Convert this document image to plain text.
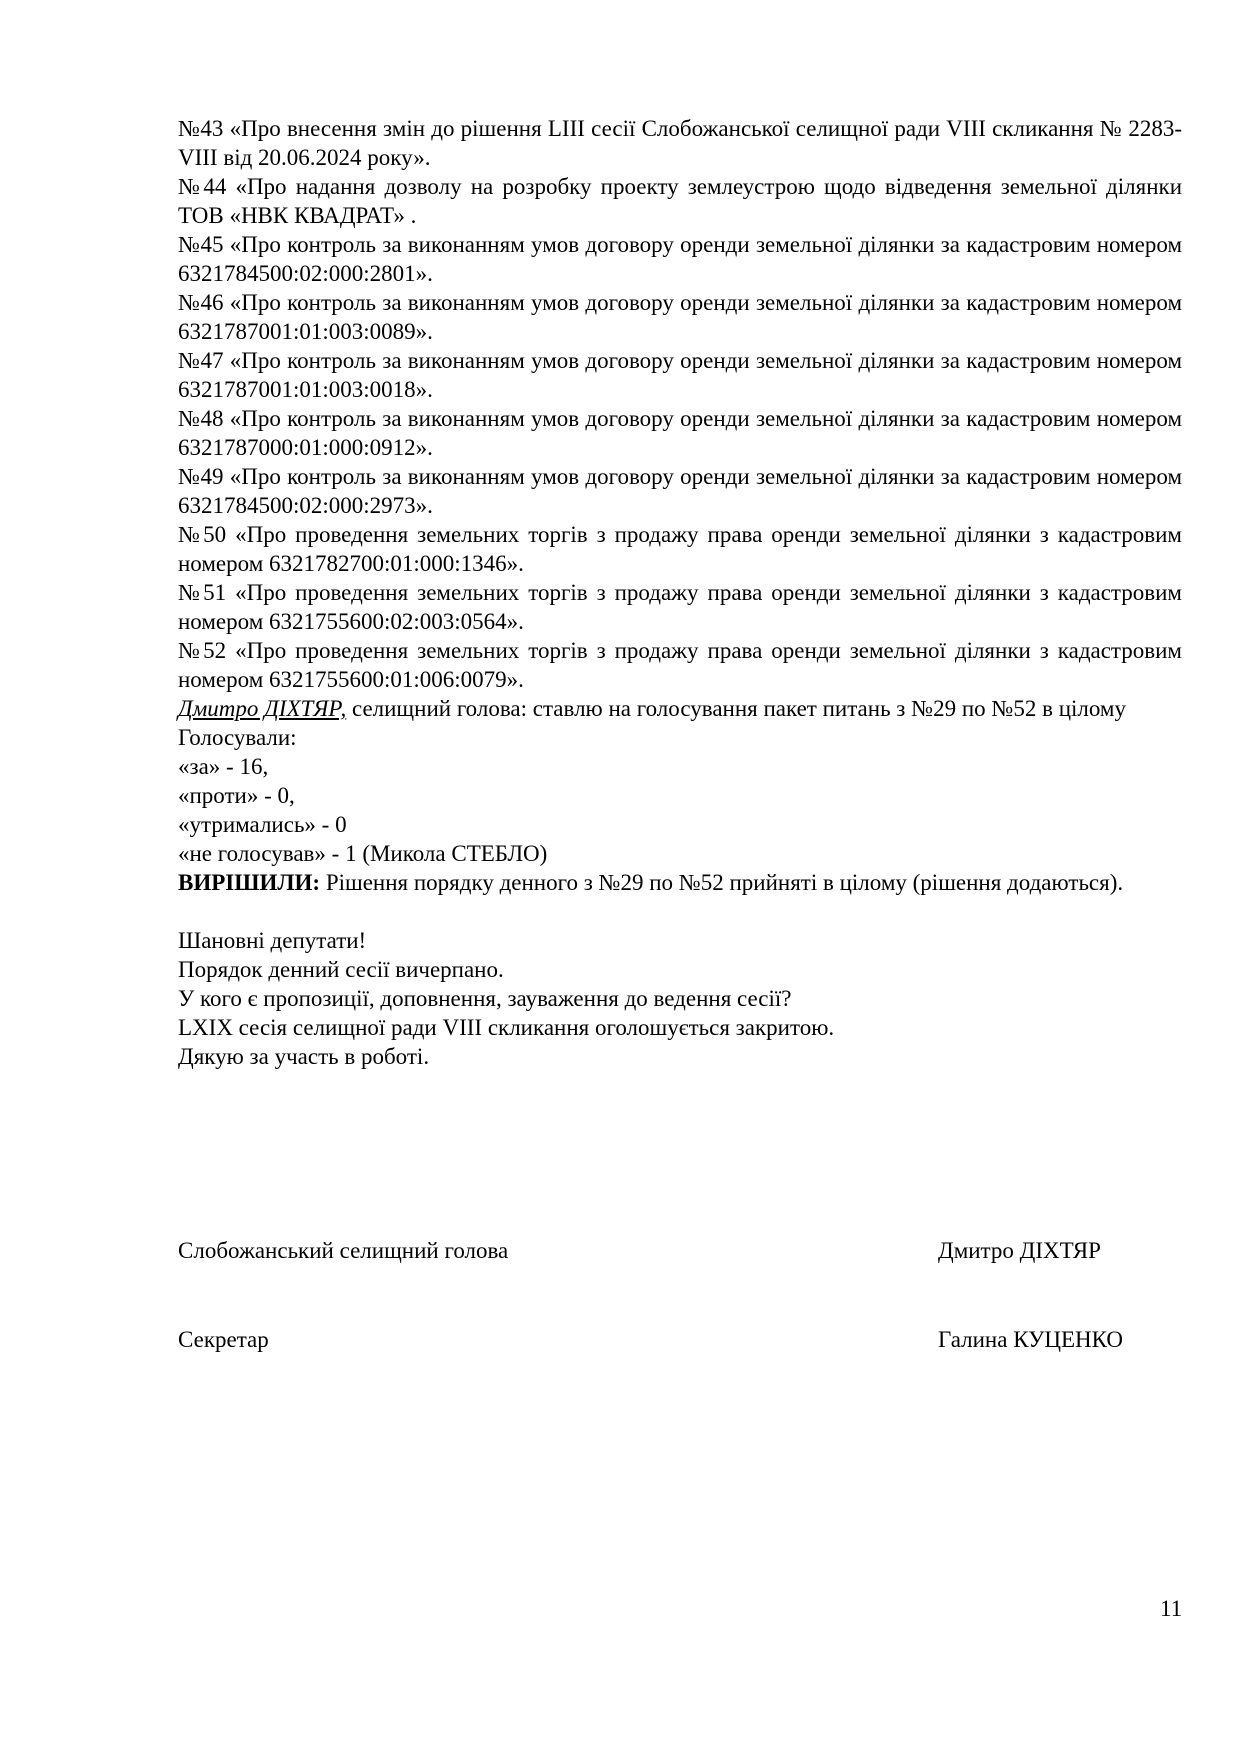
№43 «Про внесення змін до рішення LIII сесії Слобожанської селищної ради VIII скликання № 2283-VIII від 20.06.2024 року».

№44 «Про надання дозволу на розробку проекту землеустрою щодо відведення земельної ділянки ТОВ «НВК КВАДРАТ» .

№45 «Про контроль за виконанням умов договору оренди земельної ділянки за кадастровим номером 6321784500:02:000:2801».

№46 «Про контроль за виконанням умов договору оренди земельної ділянки за кадастровим номером 6321787001:01:003:0089».

№47 «Про контроль за виконанням умов договору оренди земельної ділянки за кадастровим номером 6321787001:01:003:0018».

№48 «Про контроль за виконанням умов договору оренди земельної ділянки за кадастровим номером 6321787000:01:000:0912».

№49 «Про контроль за виконанням умов договору оренди земельної ділянки за кадастровим номером 6321784500:02:000:2973».

№50 «Про проведення земельних торгів з продажу права оренди земельної ділянки з кадастровим номером 6321782700:01:000:1346».

№51 «Про проведення земельних торгів з продажу права оренди земельної ділянки з кадастровим номером 6321755600:02:003:0564».

№52 «Про проведення земельних торгів з продажу права оренди земельної ділянки з кадастровим номером 6321755600:01:006:0079».

Дмитро ДІХТЯР, селищний голова: ставлю на голосування пакет питань з №29 по №52 в цілому

Голосували:

«за» - 16,

«проти» - 0,

«утримались» - 0

«не голосував» - 1 (Микола СТЕБЛО)

ВИРІШИЛИ: Рішення порядку денного з №29 по №52 прийняті в цілому (рішення додаються).

Шановні депутати!

Порядок денний сесії вичерпано.

У кого є пропозиції, доповнення, зауваження до ведення сесії?

LXIX сесія селищної ради VIII скликання оголошується закритою.

Дякую за участь в роботі.

Слобожанський селищний голова	Дмитро ДІХТЯР
Секретар	Галина КУЦЕНКО
11
